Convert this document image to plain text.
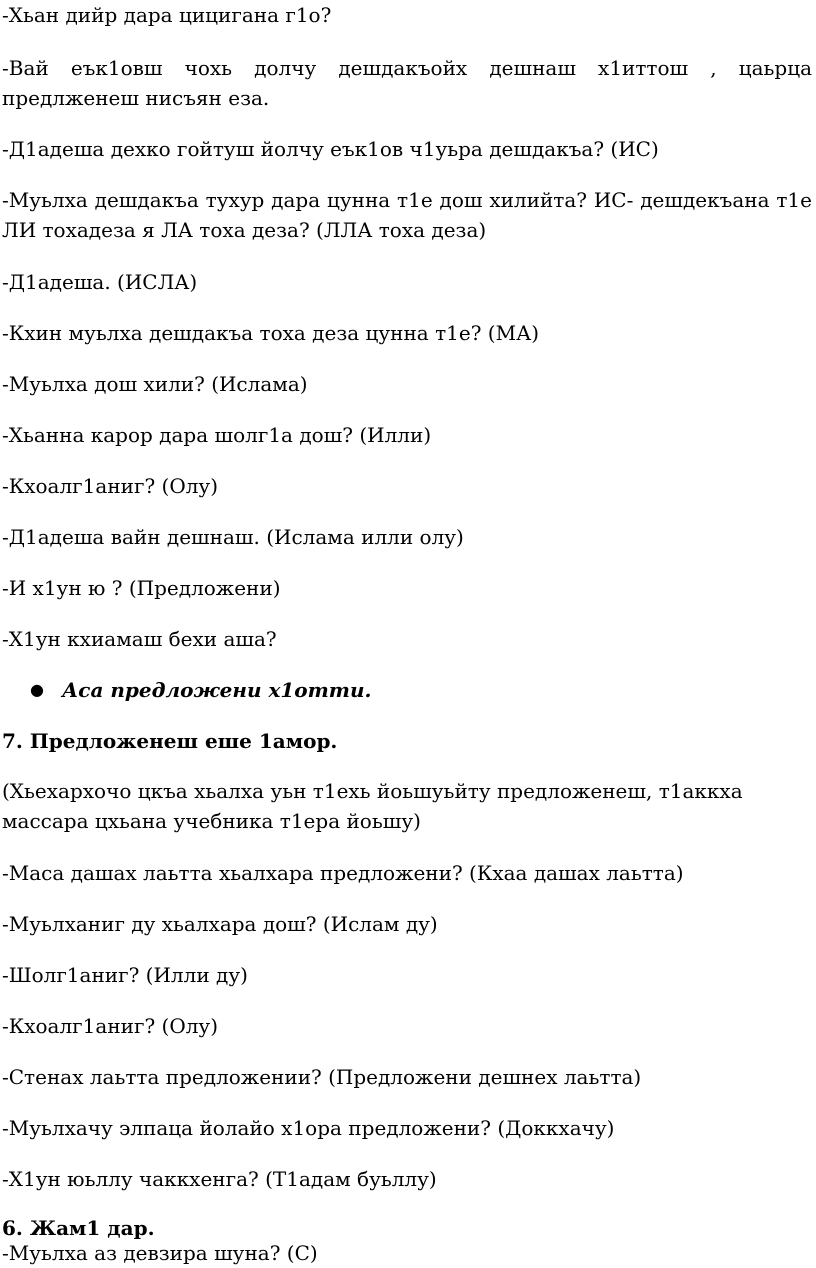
-Хьан дийр дара цицигана г1о?

-Вай еък1овш чохь долчу дешдакъойх дешнаш х1иттош , цаьрца предлженеш нисъян еза.

-Д1адеша дехко гойтуш йолчу еък1ов ч1уьра дешдакъа? (ИС)

-Муьлха дешдакъа тухур дара цунна т1е дош хилийта? ИС- дешдекъана т1е ЛИ тохадеза я ЛА тоха деза? (ЛЛА тоха деза)

-Д1адеша. (ИСЛА)

-Кхин муьлха дешдакъа тоха деза цунна т1е? (МА)

-Муьлха дош хили? (Ислама)

-Хьанна карор дара шолг1а дош? (Илли)

-Кхоалг1аниг? (Олу)

-Д1адеша вайн дешнаш. (Ислама илли олу)

-И х1ун ю ? (Предложени)

-Х1ун кхиамаш бехи аша?

● Аса предложени х1отти.

7. Предложенеш еше 1амор.

(Хьехархочо цкъа хьалха уьн т1ехь йоьшуьйту предложенеш, т1аккха массара цхьана учебника т1ера йоьшу)

-Маса дашах лаьтта хьалхара предложени? (Кхаа дашах лаьтта)

-Муьлханиг ду хьалхара дош? (Ислам ду)

-Шолг1аниг? (Илли ду)

-Кхоалг1аниг? (Олу)

-Стенах лаьтта предложении? (Предложени дешнех лаьтта)

-Муьлхачу элпаца йолайо х1ора предложени? (Доккхачу)

-Х1ун юьллу чаккхенга? (Т1адам буьллу)

6. Жам1 дар.

-Муьлха аз девзира шуна? (С)
